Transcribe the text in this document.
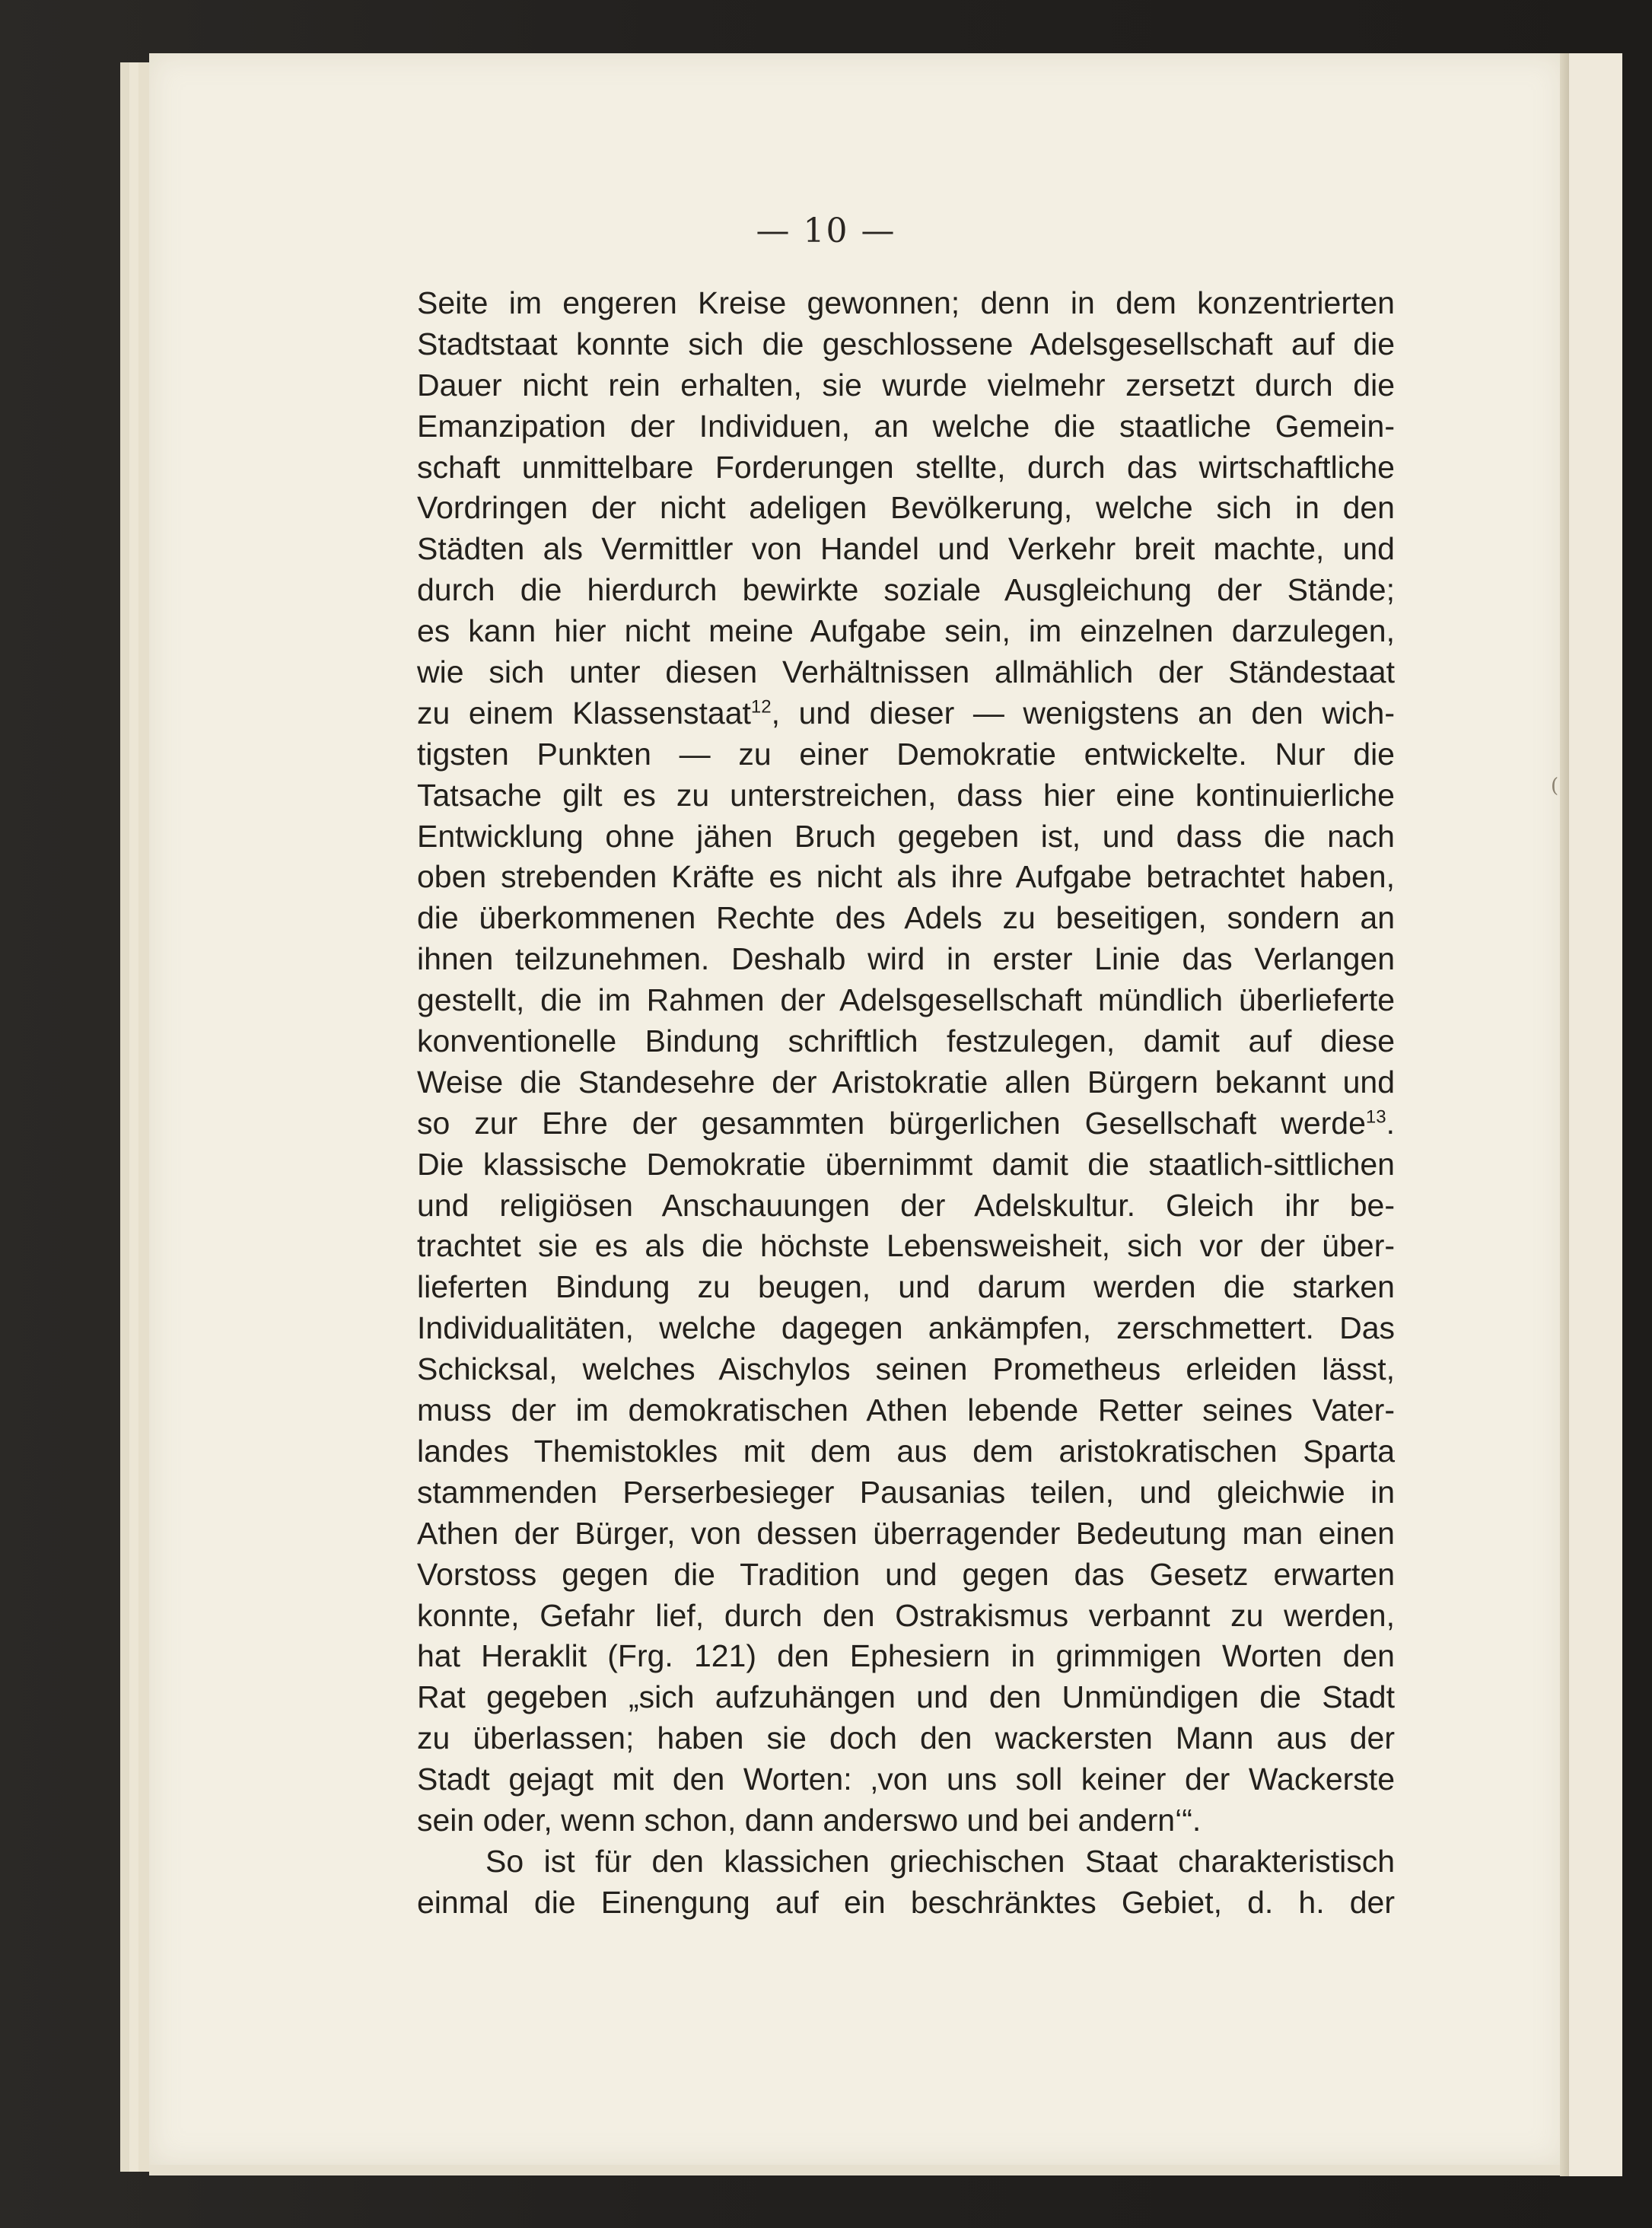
(
— 10 —
Seite im engeren Kreise gewonnen; denn in dem konzentrierten
Stadtstaat konnte sich die geschlossene Adelsgesellschaft auf die
Dauer nicht rein erhalten, sie wurde vielmehr zersetzt durch die
Emanzipation der Individuen, an welche die staatliche Gemein-
schaft unmittelbare Forderungen stellte, durch das wirtschaftliche
Vordringen der nicht adeligen Bevölkerung, welche sich in den
Städten als Vermittler von Handel und Verkehr breit machte, und
durch die hierdurch bewirkte soziale Ausgleichung der Stände;
es kann hier nicht meine Aufgabe sein, im einzelnen darzulegen,
wie sich unter diesen Verhältnissen allmählich der Ständestaat
zu einem Klassenstaat$^{12}$, und dieser — wenigstens an den wich-
tigsten Punkten — zu einer Demokratie entwickelte. Nur die
Tatsache gilt es zu unterstreichen, dass hier eine kontinuierliche
Entwicklung ohne jähen Bruch gegeben ist, und dass die nach
oben strebenden Kräfte es nicht als ihre Aufgabe betrachtet haben,
die überkommenen Rechte des Adels zu beseitigen, sondern an
ihnen teilzunehmen. Deshalb wird in erster Linie das Verlangen
gestellt, die im Rahmen der Adelsgesellschaft mündlich überlieferte
konventionelle Bindung schriftlich festzulegen, damit auf diese
Weise die Standesehre der Aristokratie allen Bürgern bekannt und
so zur Ehre der gesammten bürgerlichen Gesellschaft werde$^{13}$.
Die klassische Demokratie übernimmt damit die staatlich-sittlichen
und religiösen Anschauungen der Adelskultur. Gleich ihr be-
trachtet sie es als die höchste Lebensweisheit, sich vor der über-
lieferten Bindung zu beugen, und darum werden die starken
Individualitäten, welche dagegen ankämpfen, zerschmettert. Das
Schicksal, welches Aischylos seinen Prometheus erleiden lässt,
muss der im demokratischen Athen lebende Retter seines Vater-
landes Themistokles mit dem aus dem aristokratischen Sparta
stammenden Perserbesieger Pausanias teilen, und gleichwie in
Athen der Bürger, von dessen überragender Bedeutung man einen
Vorstoss gegen die Tradition und gegen das Gesetz erwarten
konnte, Gefahr lief, durch den Ostrakismus verbannt zu werden,
hat Heraklit (Frg. 121) den Ephesiern in grimmigen Worten den
Rat gegeben „sich aufzuhängen und den Unmündigen die Stadt
zu überlassen; haben sie doch den wackersten Mann aus der
Stadt gejagt mit den Worten: ‚von uns soll keiner der Wackerste
sein oder, wenn schon, dann anderswo und bei andern‘“.
So ist für den klassichen griechischen Staat charakteristisch
einmal die Einengung auf ein beschränktes Gebiet, d. h. der
